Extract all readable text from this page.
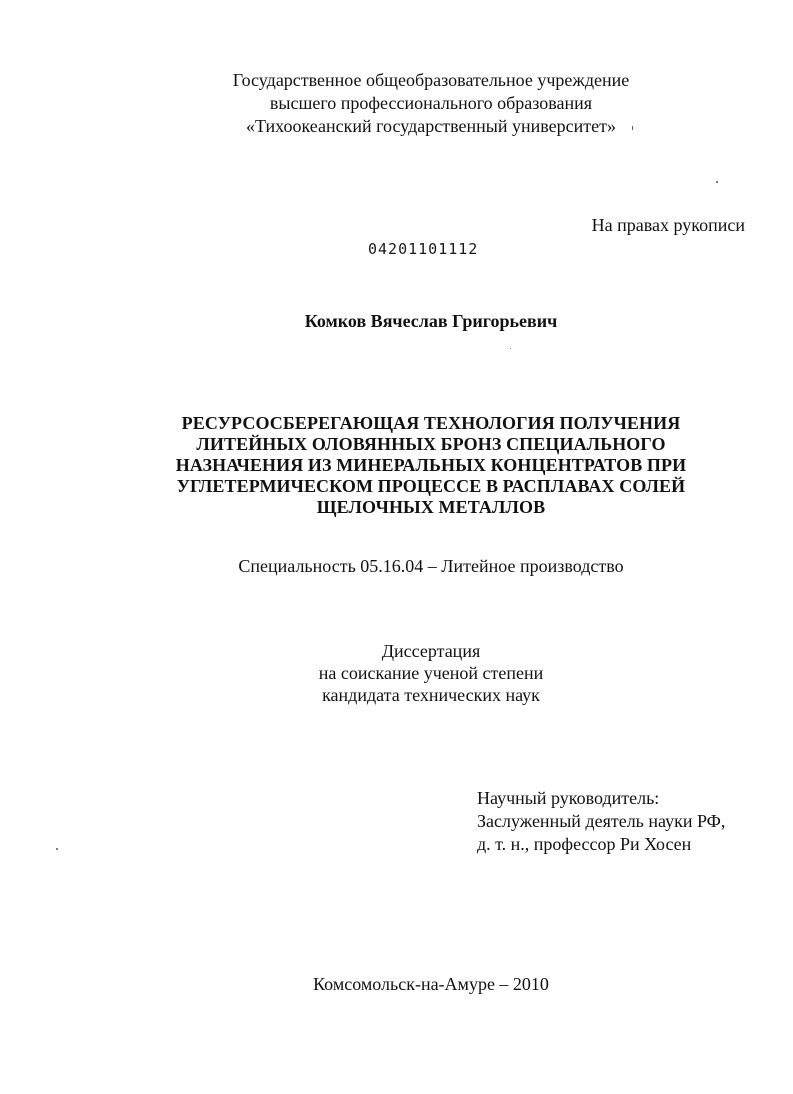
Государственное общеобразовательное учреждение
высшего профессионального образования
«Тихоокеанский государственный университет»
На правах рукописи
04201101112
Комков Вячеслав Григорьевич
РЕСУРСОСБЕРЕГАЮЩАЯ ТЕХНОЛОГИЯ ПОЛУЧЕНИЯ
ЛИТЕЙНЫХ ОЛОВЯННЫХ БРОНЗ СПЕЦИАЛЬНОГО
НАЗНАЧЕНИЯ ИЗ МИНЕРАЛЬНЫХ КОНЦЕНТРАТОВ ПРИ
УГЛЕТЕРМИЧЕСКОМ ПРОЦЕССЕ В РАСПЛАВАХ СОЛЕЙ
ЩЕЛОЧНЫХ МЕТАЛЛОВ
Специальность 05.16.04 – Литейное производство
Диссертация
на соискание ученой степени
кандидата технических наук
Научный руководитель:
Заслуженный деятель науки РФ,
д. т. н., профессор Ри Хосен
Комсомольск-на-Амуре – 2010
